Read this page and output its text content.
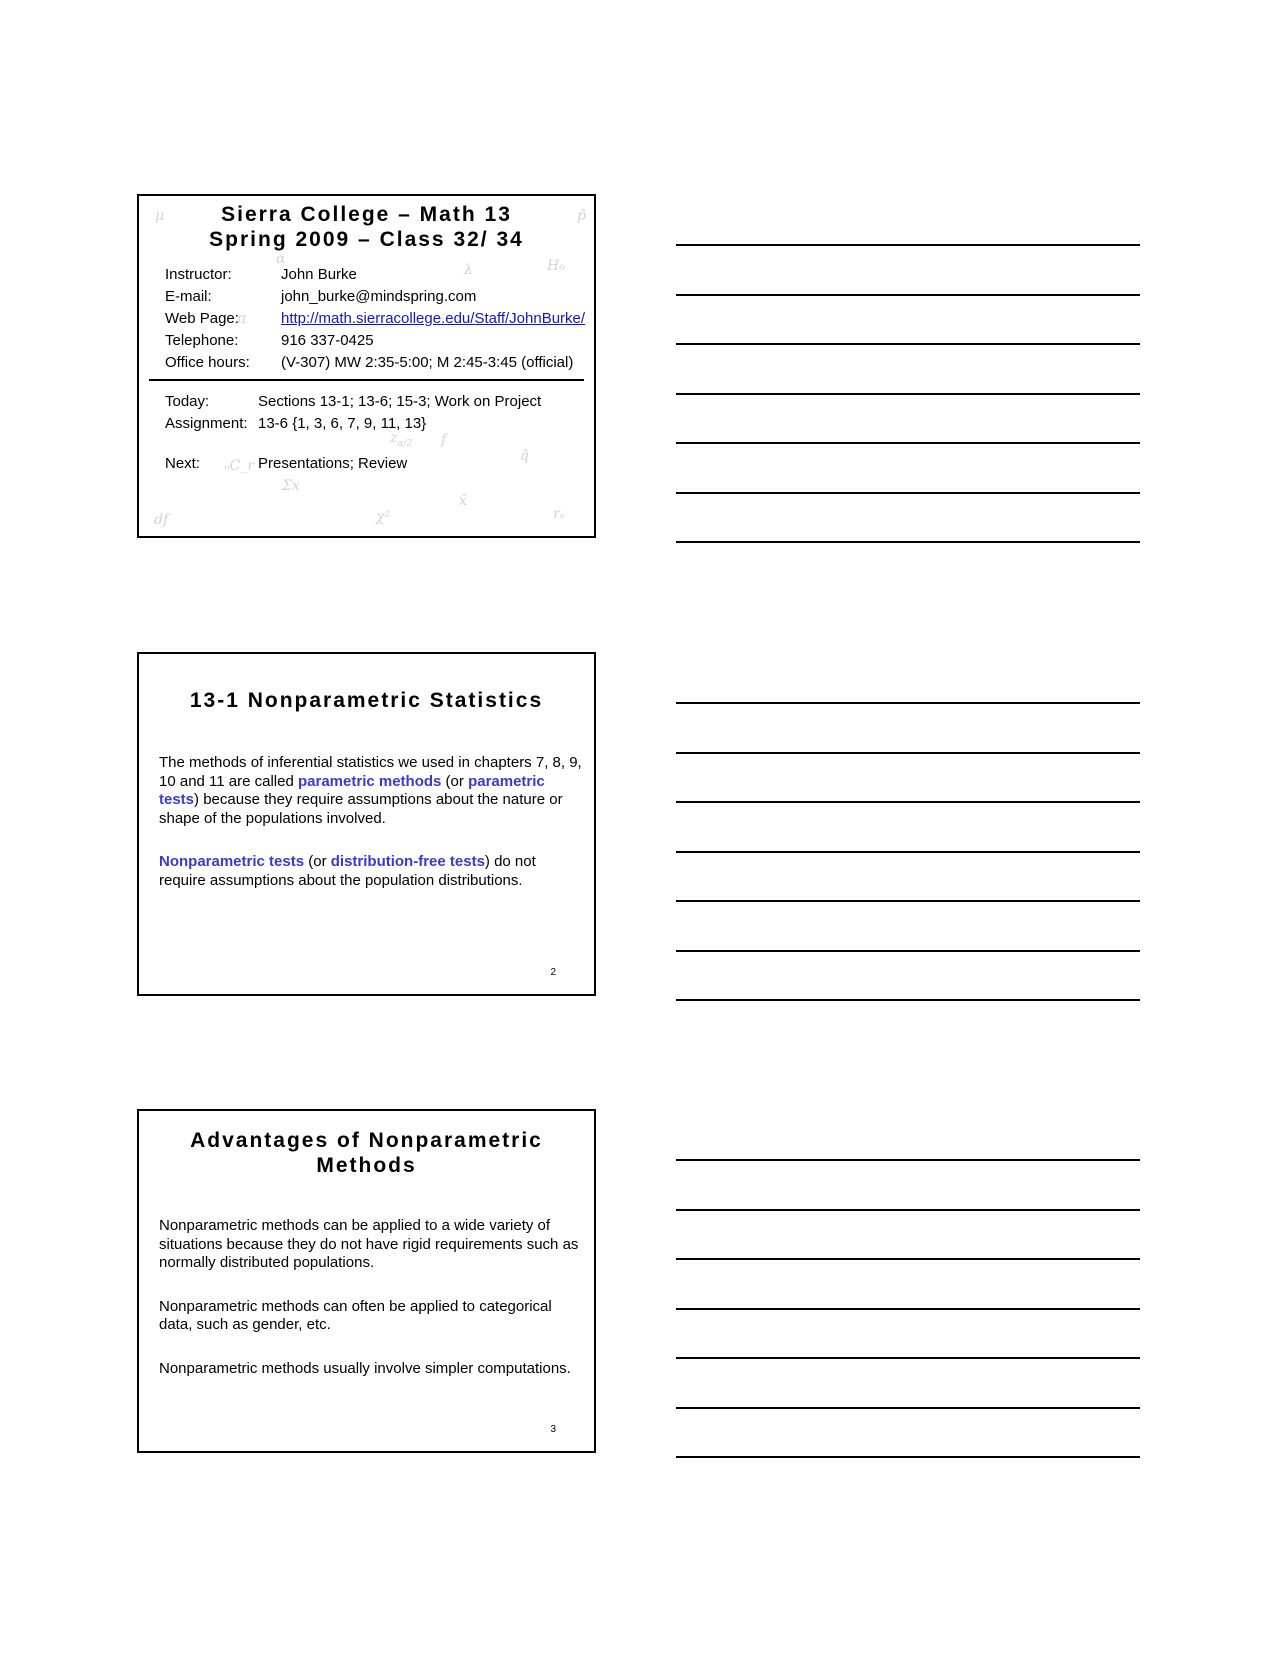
μ	p̂
α
λ	H₀
π
$z_{\alpha/2}$ f
q̂
ₙC_r
Σx
x̄
df	χ²	rₛ
Sierra College – Math 13
Spring 2009 – Class 32/ 34
Instructor:	John Burke
E-mail:	john_burke@mindspring.com
Web Page:	http://math.sierracollege.edu/Staff/JohnBurke/
Telephone:	916 337-0425
Office hours:	(V-307) MW 2:35-5:00; M 2:45-3:45 (official)
Today:	Sections 13-1; 13-6; 15-3; Work on Project
Assignment:	13-6 {1, 3, 6, 7, 9, 11, 13}

Next:	Presentations; Review
13-1 Nonparametric Statistics

The methods of inferential statistics we used in chapters 7, 8, 9, 10 and 11 are called parametric methods (or parametric tests) because they require assumptions about the nature or shape of the populations involved.

Nonparametric tests (or distribution-free tests) do not require assumptions about the population distributions.

2
Advantages of Nonparametric Methods

Nonparametric methods can be applied to a wide variety of situations because they do not have rigid requirements such as normally distributed populations.

Nonparametric methods can often be applied to categorical data, such as gender, etc.

Nonparametric methods usually involve simpler computations.

3
